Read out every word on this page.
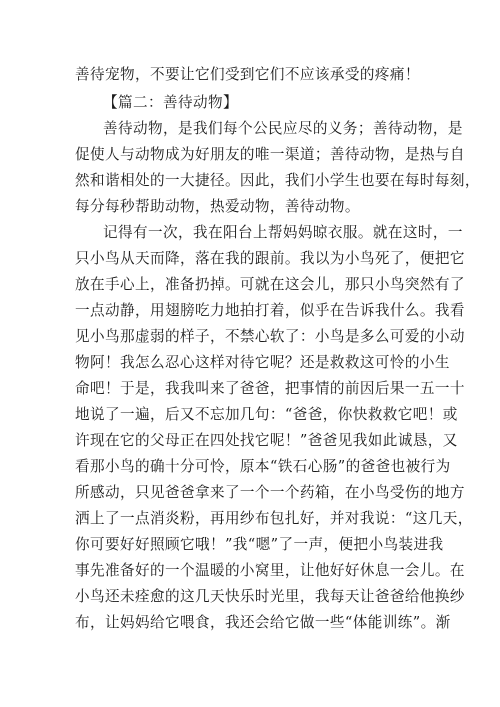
善待宠物，不要让它们受到它们不应该承受的疼痛！
【篇二：善待动物】
善待动物，是我们每个公民应尽的义务；善待动物，是
促使人与动物成为好朋友的唯一渠道；善待动物，是热与自
然和谐相处的一大捷径。因此，我们小学生也要在每时每刻，
每分每秒帮助动物，热爱动物，善待动物。
记得有一次，我在阳台上帮妈妈晾衣服。就在这时，一
只小鸟从天而降，落在我的跟前。我以为小鸟死了，便把它
放在手心上，准备扔掉。可就在这会儿，那只小鸟突然有了
一点动静，用翅膀吃力地拍打着，似乎在告诉我什么。我看
见小鸟那虚弱的样子，不禁心软了：小鸟是多么可爱的小动
物阿！我怎么忍心这样对待它呢？还是救救这可怜的小生
命吧！于是，我我叫来了爸爸，把事情的前因后果一五一十
地说了一遍，后又不忘加几句：“爸爸，你快救救它吧！或
许现在它的父母正在四处找它呢！”爸爸见我如此诚恳，又
看那小鸟的确十分可怜，原本“铁石心肠”的爸爸也被行为
所感动，只见爸爸拿来了一个一个药箱，在小鸟受伤的地方
洒上了一点消炎粉，再用纱布包扎好，并对我说：“这几天，
你可要好好照顾它哦！”我“嗯”了一声，便把小鸟装进我
事先准备好的一个温暖的小窝里，让他好好休息一会儿。在
小鸟还未痊愈的这几天快乐时光里，我每天让爸爸给他换纱
布，让妈妈给它喂食，我还会给它做一些“体能训练”。渐
